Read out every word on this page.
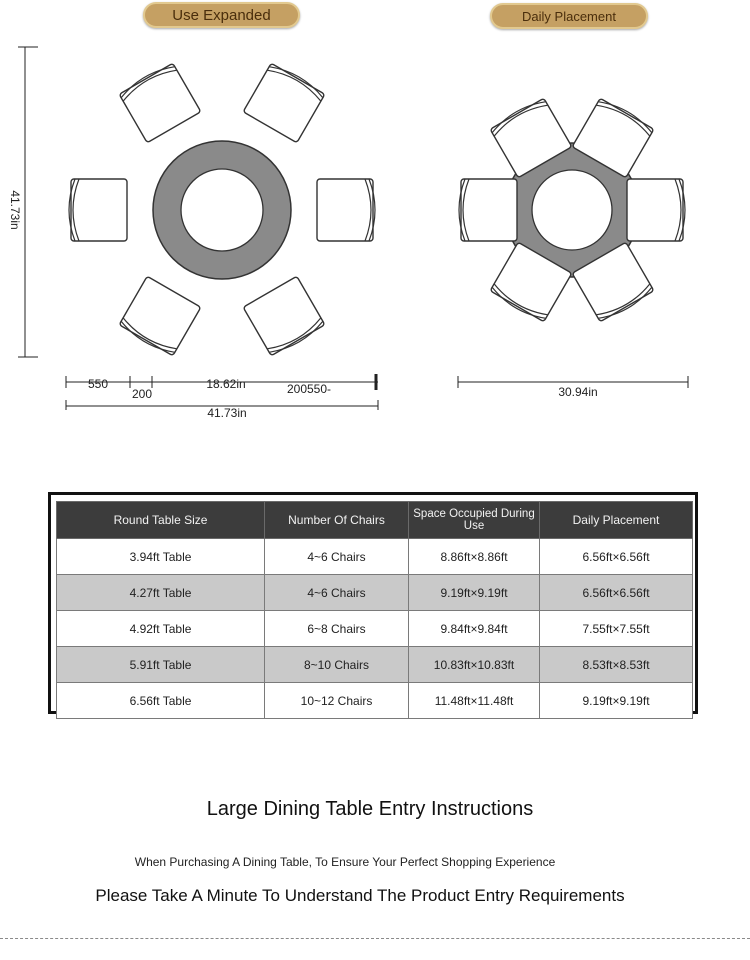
Use Expanded	Daily Placement
41.73in
550
200
18.62in	200550-
41.73in
30.94in
Round Table Size	Number Of Chairs	Space Occupied During Use	Daily Placement
3.94ft Table	4~6 Chairs	8.86ft×8.86ft	6.56ft×6.56ft
4.27ft Table	4~6 Chairs	9.19ft×9.19ft	6.56ft×6.56ft
4.92ft Table	6~8 Chairs	9.84ft×9.84ft	7.55ft×7.55ft
5.91ft Table	8~10 Chairs	10.83ft×10.83ft	8.53ft×8.53ft
6.56ft Table	10~12 Chairs	11.48ft×11.48ft	9.19ft×9.19ft
Large Dining Table Entry Instructions
When Purchasing A Dining Table, To Ensure Your Perfect Shopping Experience
Please Take A Minute To Understand The Product Entry Requirements
